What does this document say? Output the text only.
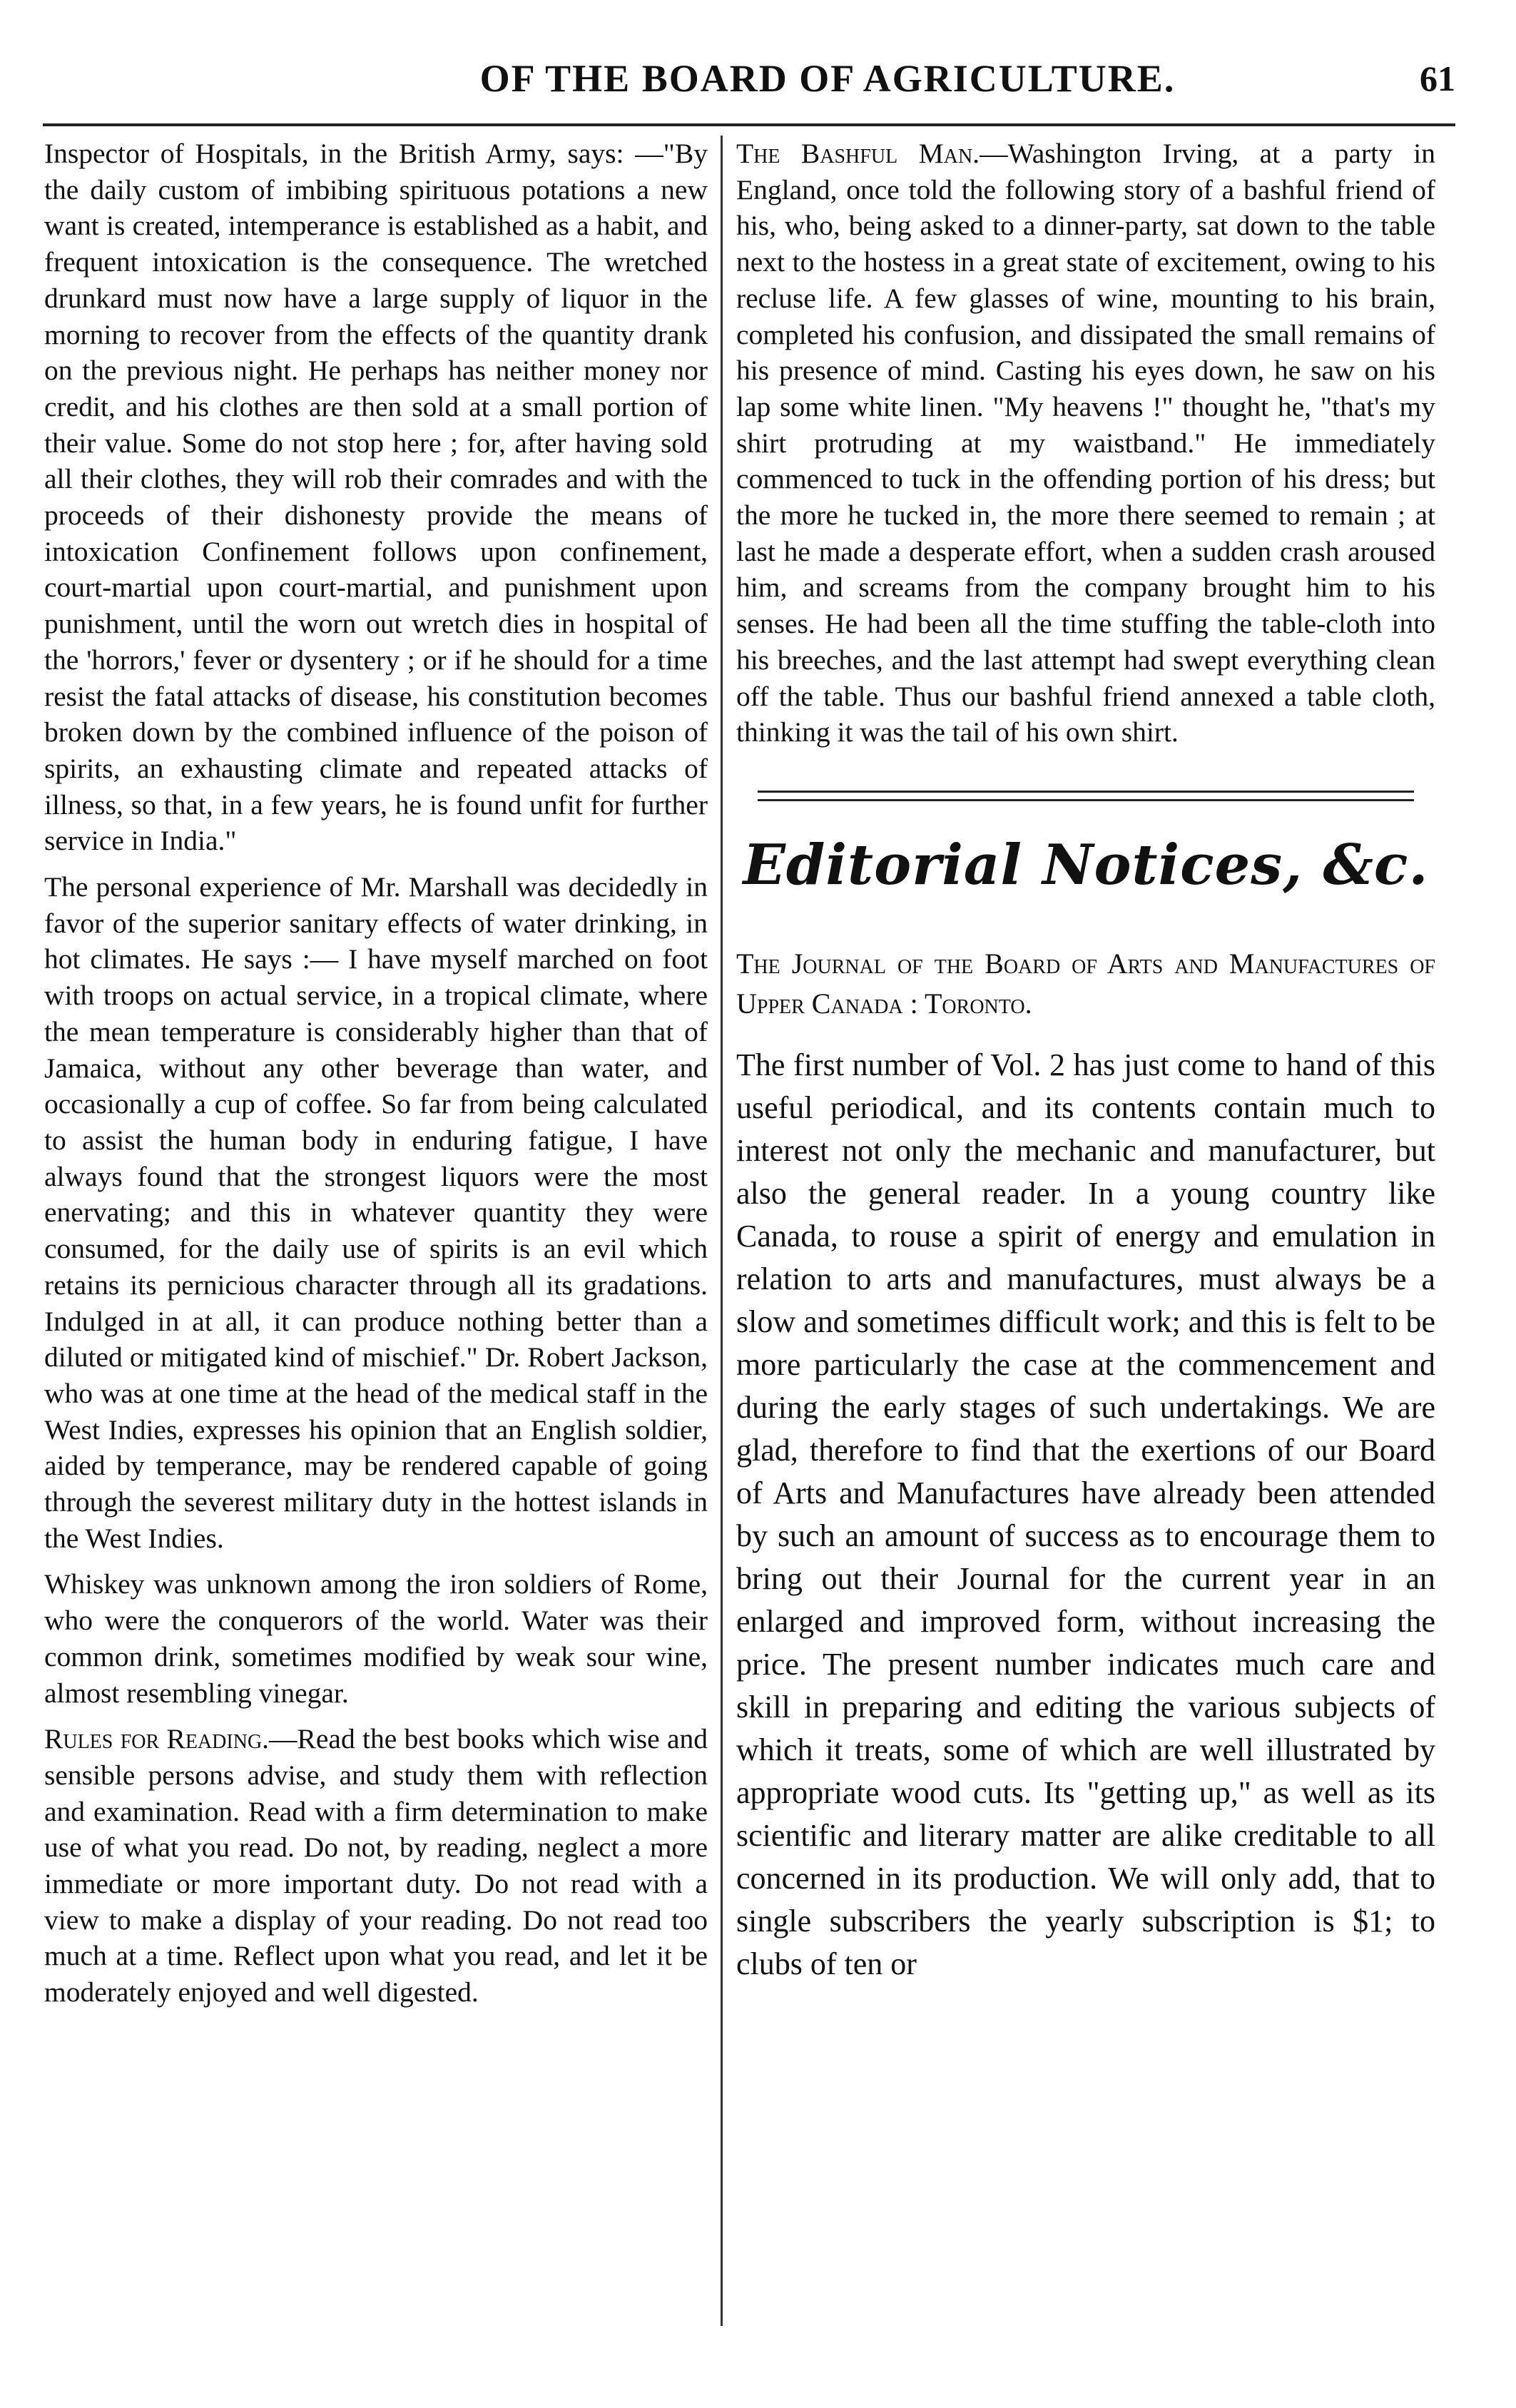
OF THE BOARD OF AGRICULTURE.	61

Inspector of Hospitals, in the British Army, says: —"By the daily custom of imbibing spirituous potations a new want is created, intemperance is established as a habit, and frequent intoxication is the consequence. The wretched drunkard must now have a large supply of liquor in the morning to recover from the effects of the quantity drank on the previous night. He perhaps has neither money nor credit, and his clothes are then sold at a small portion of their value. Some do not stop here ; for, after having sold all their clothes, they will rob their comrades and with the proceeds of their dishonesty provide the means of intoxication Confinement follows upon confinement, court-martial upon court-martial, and punishment upon punishment, until the worn out wretch dies in hospital of the 'horrors,' fever or dysentery ; or if he should for a time resist the fatal attacks of disease, his constitution becomes broken down by the combined influence of the poison of spirits, an exhausting climate and repeated attacks of illness, so that, in a few years, he is found unfit for further service in India."

The personal experience of Mr. Marshall was decidedly in favor of the superior sanitary effects of water drinking, in hot climates. He says :— I have myself marched on foot with troops on actual service, in a tropical climate, where the mean temperature is considerably higher than that of Jamaica, without any other beverage than water, and occasionally a cup of coffee. So far from being calculated to assist the human body in enduring fatigue, I have always found that the strongest liquors were the most enervating; and this in whatever quantity they were consumed, for the daily use of spirits is an evil which retains its pernicious character through all its gradations. Indulged in at all, it can produce nothing better than a diluted or mitigated kind of mischief." Dr. Robert Jackson, who was at one time at the head of the medical staff in the West Indies, expresses his opinion that an English soldier, aided by temperance, may be rendered capable of going through the severest military duty in the hottest islands in the West Indies.

Whiskey was unknown among the iron soldiers of Rome, who were the conquerors of the world. Water was their common drink, sometimes modified by weak sour wine, almost resembling vinegar.

Rules for Reading.—Read the best books which wise and sensible persons advise, and study them with reflection and examination. Read with a firm determination to make use of what you read. Do not, by reading, neglect a more immediate or more important duty. Do not read with a view to make a display of your reading. Do not read too much at a time. Reflect upon what you read, and let it be moderately enjoyed and well digested.

The Bashful Man.—Washington Irving, at a party in England, once told the following story of a bashful friend of his, who, being asked to a dinner-party, sat down to the table next to the hostess in a great state of excitement, owing to his recluse life. A few glasses of wine, mounting to his brain, completed his confusion, and dissipated the small remains of his presence of mind. Casting his eyes down, he saw on his lap some white linen. "My heavens !" thought he, "that's my shirt protruding at my waistband." He immediately commenced to tuck in the offending portion of his dress; but the more he tucked in, the more there seemed to remain ; at last he made a desperate effort, when a sudden crash aroused him, and screams from the company brought him to his senses. He had been all the time stuffing the table-cloth into his breeches, and the last attempt had swept everything clean off the table. Thus our bashful friend annexed a table cloth, thinking it was the tail of his own shirt.

Editorial Notices, &c.

The Journal of the Board of Arts and Manufactures of Upper Canada : Toronto.

The first number of Vol. 2 has just come to hand of this useful periodical, and its contents contain much to interest not only the mechanic and manufacturer, but also the general reader. In a young country like Canada, to rouse a spirit of energy and emulation in relation to arts and manufactures, must always be a slow and sometimes difficult work; and this is felt to be more particularly the case at the commencement and during the early stages of such undertakings. We are glad, therefore to find that the exertions of our Board of Arts and Manufactures have already been attended by such an amount of success as to encourage them to bring out their Journal for the current year in an enlarged and improved form, without increasing the price. The present number indicates much care and skill in preparing and editing the various subjects of which it treats, some of which are well illustrated by appropriate wood cuts. Its "getting up," as well as its scientific and literary matter are alike creditable to all concerned in its production. We will only add, that to single subscribers the yearly subscription is $1; to clubs of ten or
